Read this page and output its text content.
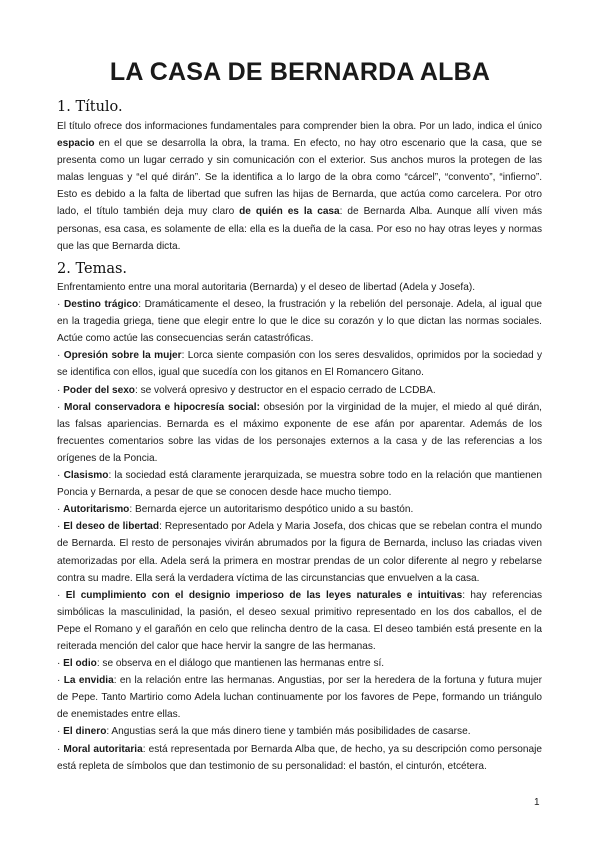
LA CASA DE BERNARDA ALBA
1. Título.

El título ofrece dos informaciones fundamentales para comprender bien la obra. Por un lado, indica el único espacio en el que se desarrolla la obra, la trama. En efecto, no hay otro escenario que la casa, que se presenta como un lugar cerrado y sin comunicación con el exterior. Sus anchos muros la protegen de las malas lenguas y “el qué dirán”. Se la identifica a lo largo de la obra como “cárcel”, “convento”, “infierno”. Esto es debido a la falta de libertad que sufren las hijas de Bernarda, que actúa como carcelera. Por otro lado, el título también deja muy claro de quién es la casa: de Bernarda Alba. Aunque allí viven más personas, esa casa, es solamente de ella: ella es la dueña de la casa. Por eso no hay otras leyes y normas que las que Bernarda dicta.

2. Temas.

Enfrentamiento entre una moral autoritaria (Bernarda) y el deseo de libertad (Adela y Josefa).

· Destino trágico: Dramáticamente el deseo, la frustración y la rebelión del personaje. Adela, al igual que en la tragedia griega, tiene que elegir entre lo que le dice su corazón y lo que dictan las normas sociales. Actúe como actúe las consecuencias serán catastróficas.

· Opresión sobre la mujer: Lorca siente compasión con los seres desvalidos, oprimidos por la sociedad y se identifica con ellos, igual que sucedía con los gitanos en El Romancero Gitano.

· Poder del sexo: se volverá opresivo y destructor en el espacio cerrado de LCDBA.

· Moral conservadora e hipocresía social: obsesión por la virginidad de la mujer, el miedo al qué dirán, las falsas apariencias. Bernarda es el máximo exponente de ese afán por aparentar. Además de los frecuentes comentarios sobre las vidas de los personajes externos a la casa y de las referencias a los orígenes de la Poncia.

· Clasismo: la sociedad está claramente jerarquizada, se muestra sobre todo en la relación que mantienen Poncia y Bernarda, a pesar de que se conocen desde hace mucho tiempo.

· Autoritarismo: Bernarda ejerce un autoritarismo despótico unido a su bastón.

· El deseo de libertad: Representado por Adela y Maria Josefa, dos chicas que se rebelan contra el mundo de Bernarda. El resto de personajes vivirán abrumados por la figura de Bernarda, incluso las criadas viven atemorizadas por ella. Adela será la primera en mostrar prendas de un color diferente al negro y rebelarse contra su madre. Ella será la verdadera víctima de las circunstancias que envuelven a la casa.

· El cumplimiento con el designio imperioso de las leyes naturales e intuitivas: hay referencias simbólicas la masculinidad, la pasión, el deseo sexual primitivo representado en los dos caballos, el de Pepe el Romano y el garañón en celo que relincha dentro de la casa. El deseo también está presente en la reiterada mención del calor que hace hervir la sangre de las hermanas.

· El odio: se observa en el diálogo que mantienen las hermanas entre sí.

· La envidia: en la relación entre las hermanas. Angustias, por ser la heredera de la fortuna y futura mujer de Pepe. Tanto Martirio como Adela luchan continuamente por los favores de Pepe, formando un triángulo de enemistades entre ellas.

· El dinero: Angustias será la que más dinero tiene y también más posibilidades de casarse.

· Moral autoritaria: está representada por Bernarda Alba que, de hecho, ya su descripción como personaje está repleta de símbolos que dan testimonio de su personalidad: el bastón, el cinturón, etcétera.

1
